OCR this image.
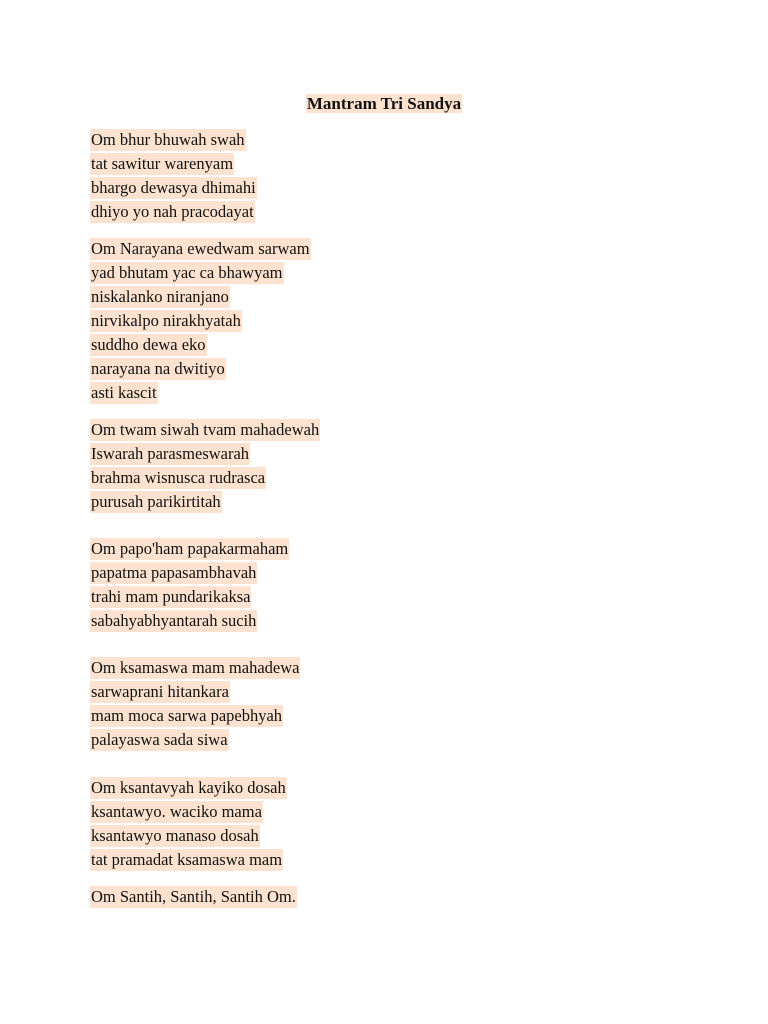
Mantram Tri Sandya
Om bhur bhuwah swah
tat sawitur warenyam
bhargo dewasya dhimahi
dhiyo yo nah pracodayat
Om Narayana ewedwam sarwam
yad bhutam yac ca bhawyam
niskalanko niranjano
nirvikalpo nirakhyatah
suddho dewa eko
narayana na dwitiyo
asti kascit
Om twam siwah tvam mahadewah
Iswarah parasmeswarah
brahma wisnusca rudrasca
purusah parikirtitah
Om papo'ham papakarmaham
papatma papasambhavah
trahi mam pundarikaksa
sabahyabhyantarah sucih
Om ksamaswa mam mahadewa
sarwaprani hitankara
mam moca sarwa papebhyah
palayaswa sada siwa
Om ksantavyah kayiko dosah
ksantawyo. waciko mama
ksantawyo manaso dosah
tat pramadat ksamaswa mam
Om Santih, Santih, Santih Om.
